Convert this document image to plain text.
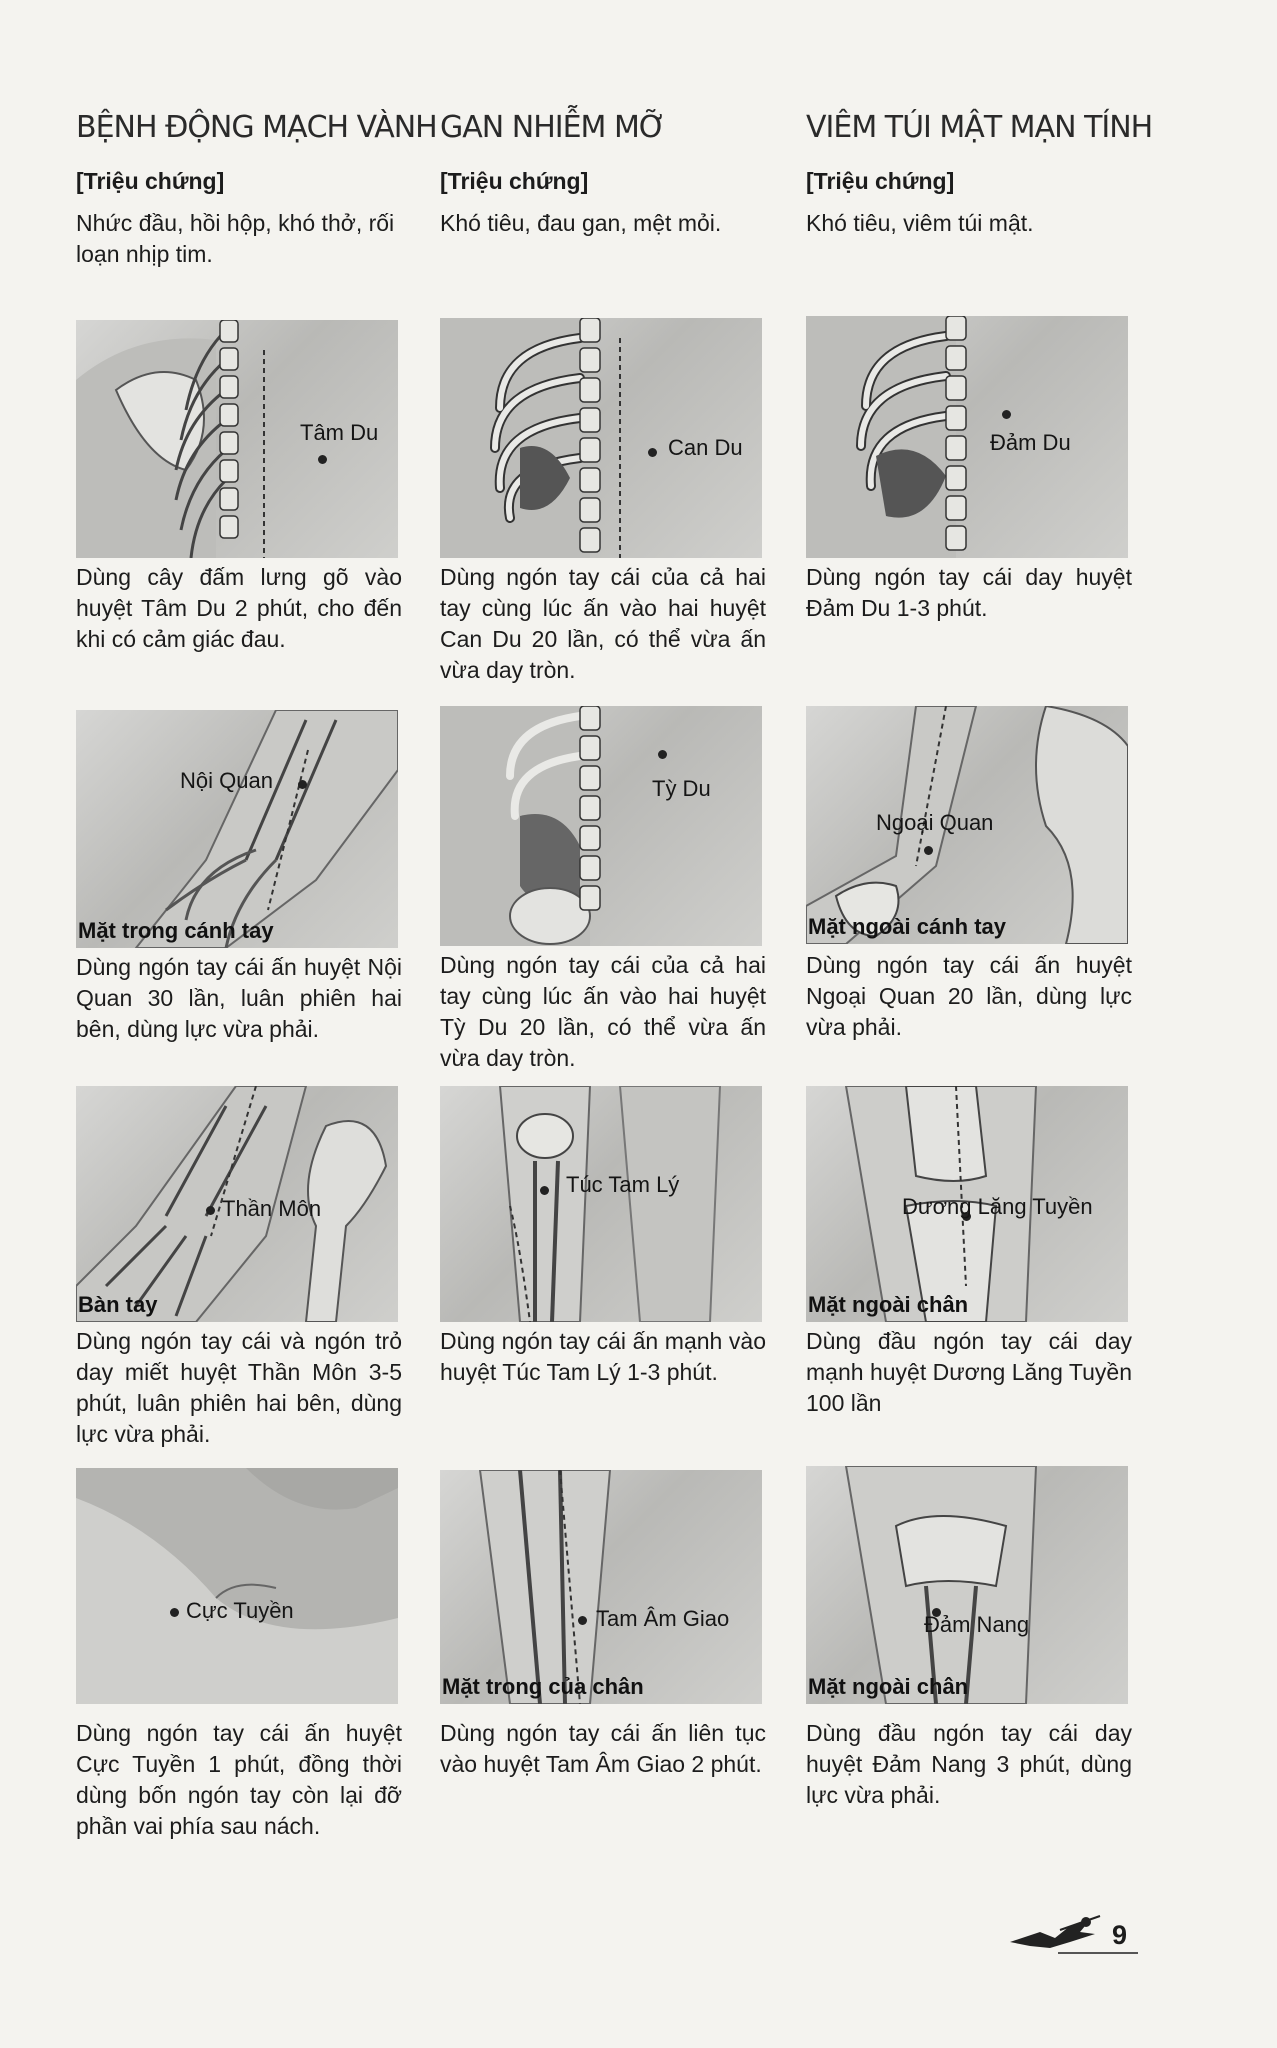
BỆNH ĐỘNG MẠCH VÀNH
[Triệu chứng]
Nhức đầu, hồi hộp, khó thở, rối loạn nhịp tim.
Tâm Du
Dùng cây đấm lưng gõ vào huyệt Tâm Du 2 phút, cho đến khi có cảm giác đau.
Nội Quan
Mặt trong cánh tay
Dùng ngón tay cái ấn huyệt Nội Quan 30 lần, luân phiên hai bên, dùng lực vừa phải.
Thần Môn
Bàn tay
Dùng ngón tay cái và ngón trỏ day miết huyệt Thần Môn 3-5 phút, luân phiên hai bên, dùng lực vừa phải.
Cực Tuyền
Dùng ngón tay cái ấn huyệt Cực Tuyền 1 phút, đồng thời dùng bốn ngón tay còn lại đỡ phần vai phía sau nách.
GAN NHIỄM MỠ
[Triệu chứng]
Khó tiêu, đau gan, mệt mỏi.
Can Du
Dùng ngón tay cái của cả hai tay cùng lúc ấn vào hai huyệt Can Du 20 lần, có thể vừa ấn vừa day tròn.
Tỳ Du
Dùng ngón tay cái của cả hai tay cùng lúc ấn vào hai huyệt Tỳ Du 20 lần, có thể vừa ấn vừa day tròn.
Túc Tam Lý
Dùng ngón tay cái ấn mạnh vào huyệt Túc Tam Lý 1-3 phút.
Tam Âm Giao
Mặt trong của chân
Dùng ngón tay cái ấn liên tục vào huyệt Tam Âm Giao 2 phút.
VIÊM TÚI MẬT MẠN TÍNH
[Triệu chứng]
Khó tiêu, viêm túi mật.
Đảm Du
Dùng ngón tay cái day huyệt Đảm Du 1-3 phút.
Ngoại Quan
Mặt ngoài cánh tay
Dùng ngón tay cái ấn huyệt Ngoại Quan 20 lần, dùng lực vừa phải.
Dương Lăng Tuyền
Mặt ngoài chân
Dùng đầu ngón tay cái day mạnh huyệt Dương Lăng Tuyền 100 lần
Đảm Nang
Mặt ngoài chân
Dùng đầu ngón tay cái day huyệt Đảm Nang 3 phút, dùng lực vừa phải.
9
